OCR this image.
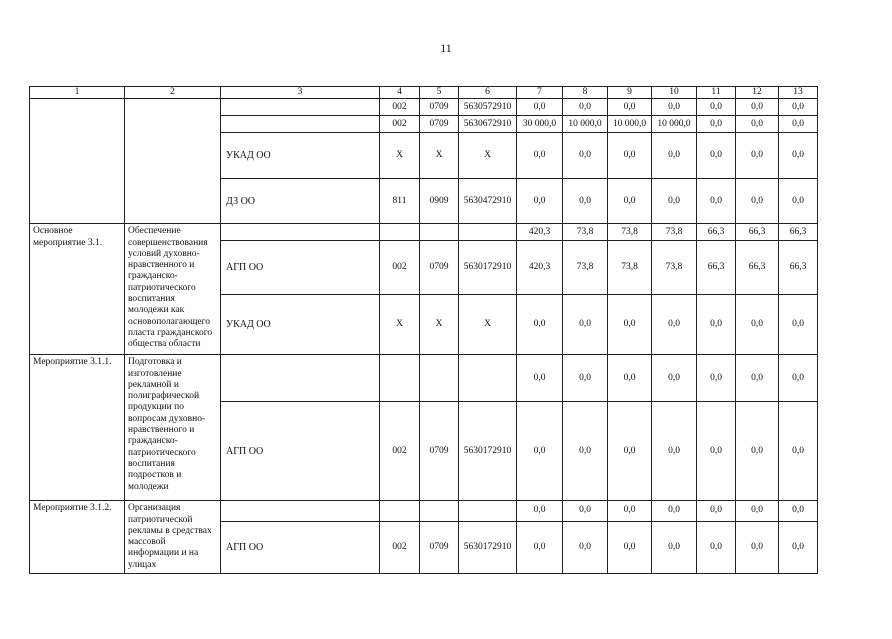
11
1	2	3	4	5	6	7	8	9	10	11	12	13
			002	0709	5630572910	0,0	0,0	0,0	0,0	0,0	0,0	0,0
			002	0709	5630672910	30 000,0	10 000,0	10 000,0	10 000,0	0,0	0,0	0,0
		УКАД ОО	Х	Х	Х	0,0	0,0	0,0	0,0	0,0	0,0	0,0
		ДЗ ОО	811	0909	5630472910	0,0	0,0	0,0	0,0	0,0	0,0	0,0
Основное мероприятие 3.1.	Обеспечение совершенствования условий духовно-нравственного и гражданско-патриотического воспитания молодежи как основополагающего пласта гражданского общества области					420,3	73,8	73,8	73,8	66,3	66,3	66,3
		АГП ОО	002	0709	5630172910	420,3	73,8	73,8	73,8	66,3	66,3	66,3
		УКАД ОО	Х	Х	Х	0,0	0,0	0,0	0,0	0,0	0,0	0,0
Мероприятие 3.1.1.	Подготовка и изготовление рекламной и полиграфической продукции по вопросам духовно-нравственного и гражданско-патриотического воспитания подростков и молодежи					0,0	0,0	0,0	0,0	0,0	0,0	0,0
		АГП ОО	002	0709	5630172910	0,0	0,0	0,0	0,0	0,0	0,0	0,0
Мероприятие 3.1.2.	Организация патриотической рекламы в средствах массовой информации и на улицах					0,0	0,0	0,0	0,0	0,0	0,0	0,0
		АГП ОО	002	0709	5630172910	0,0	0,0	0,0	0,0	0,0	0,0	0,0
